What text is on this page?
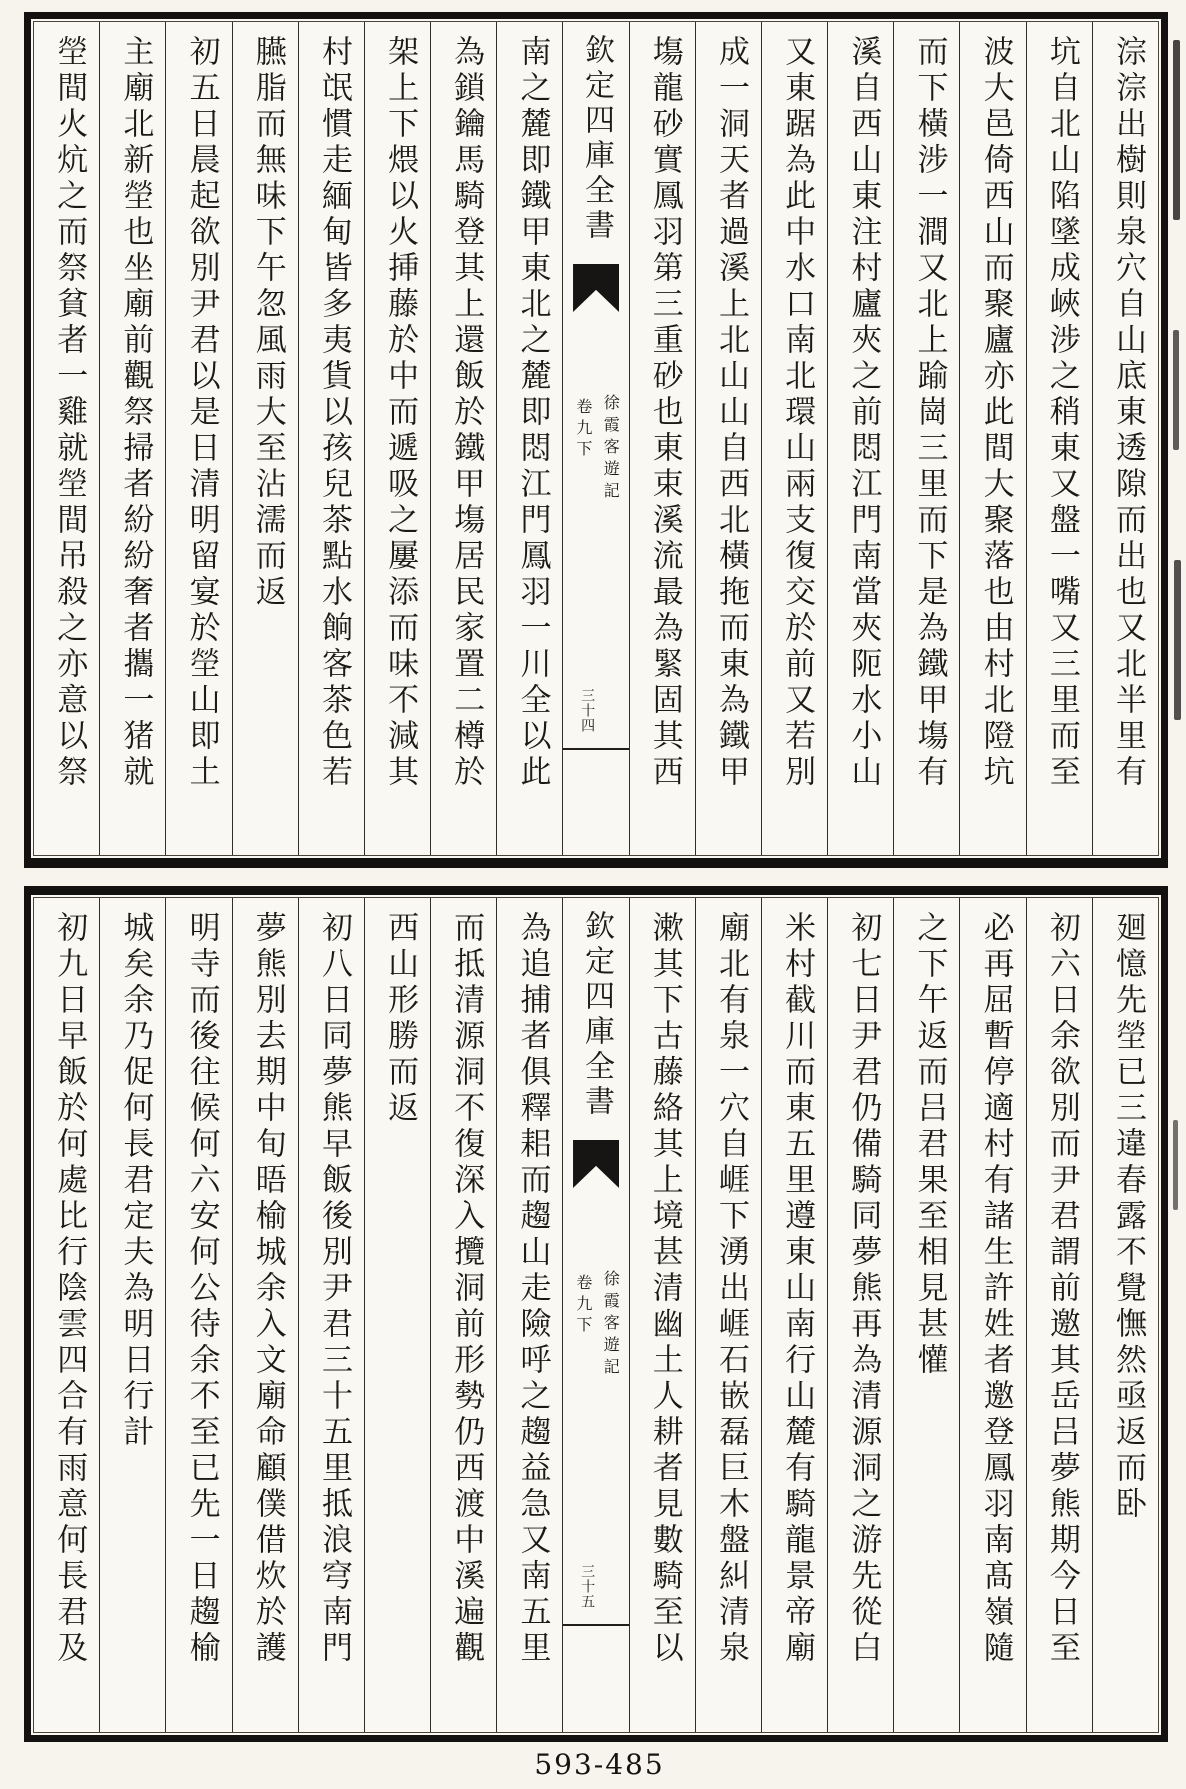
淙淙出樹則泉穴自山底東透隙而出也又北半里有
坑自北山陷墜成峽涉之稍東又盤一嘴又三里而至
波大邑倚西山而聚廬亦此間大聚落也由村北隥坑
而下橫涉一澗又北上踰崗三里而下是為鐵甲塲有
溪自西山東注村廬夾之前悶江門南當夾阨水小山
又東踞為此中水口南北環山兩支復交於前又若別
成一洞天者過溪上北山山自西北橫拖而東為鐵甲
塲龍砂實鳳羽第三重砂也東束溪流最為緊固其西
欽定四庫全書
徐霞客遊記
卷九下
三十四
南之麓即鐵甲東北之麓即悶江門鳳羽一川全以此
為鎖鑰馬騎登其上還飯於鐵甲塲居民家置二樽於
架上下煨以火挿藤於中而遞吸之屢添而味不減其
村氓慣走緬甸皆多夷貨以孩兒茶點水餉客茶色若
臙脂而無味下午忽風雨大至沾濡而返
初五日晨起欲別尹君以是日清明留宴於塋山即土
主廟北新塋也坐廟前觀祭掃者紛紛奢者攜一猪就
塋間火炕之而祭貧者一雞就塋間吊殺之亦意以祭
廻憶先塋已三違春露不覺憮然亟返而卧
初六日余欲別而尹君謂前邀其岳吕夢熊期今日至
必再屈暫停適村有諸生許姓者邀登鳳羽南髙嶺隨
之下午返而吕君果至相見甚懽
初七日尹君仍備騎同夢熊再為清源洞之游先從白
米村截川而東五里遵東山南行山麓有騎龍景帝廟
廟北有泉一穴自崕下湧出崕石嵌磊巨木盤糾清泉
漱其下古藤絡其上境甚清幽土人耕者見數騎至以
欽定四庫全書
徐霞客遊記
卷九下
三十五
為追捕者俱釋耜而趨山走險呼之趨益急又南五里
而抵清源洞不復深入攬洞前形勢仍西渡中溪遍觀
西山形勝而返
初八日同夢熊早飯後別尹君三十五里抵浪穹南門
夢熊別去期中旬晤榆城余入文廟命顧僕借炊於護
明寺而後往候何六安何公待余不至已先一日趨榆
城矣余乃促何長君定夫為明日行計
初九日早飯於何處比行陰雲四合有雨意何長君及
593-485
